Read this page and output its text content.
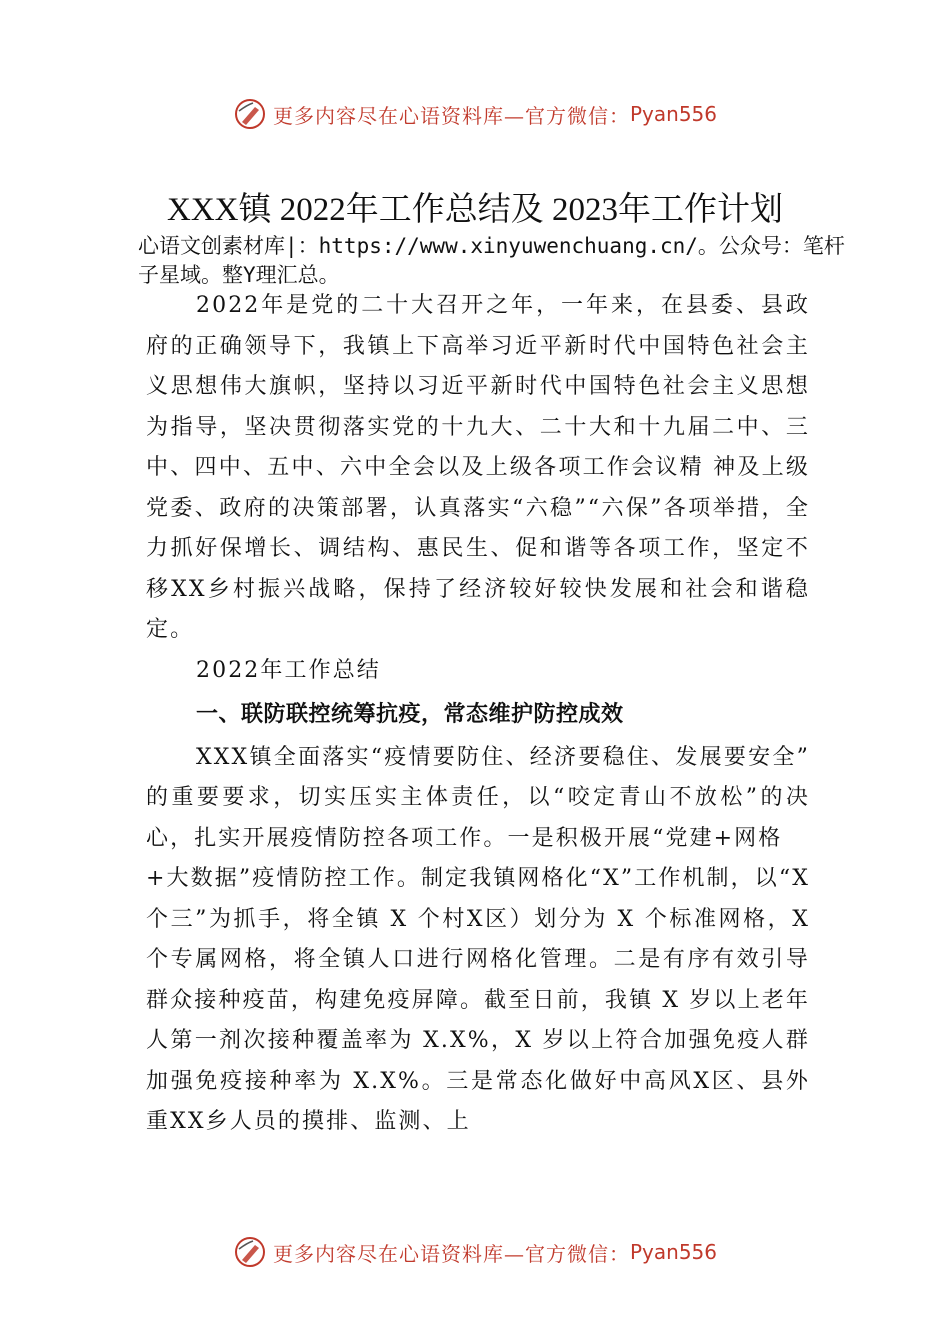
更多内容尽在心语资料库—官方微信： Pyan556
XXX镇 2022年工作总结及 2023年工作计划

心语文创素材库|：https://www.xinyuwenchuang.cn/。公众号：笔杆子星域。整Y理汇总。

2022年是党的二十大召开之年，一年来，在县委、县政府的正确领导下，我镇上下高举习近平新时代中国特色社会主义思想伟大旗帜，坚持以习近平新时代中国特色社会主义思想为指导，坚决贯彻落实党的十九大、二十大和十九届二中、三中、四中、五中、六中全会以及上级各项工作会议精 神及上级党委、政府的决策部署，认真落实“六稳”“六保”各项举措，全力抓好保增长、调结构、惠民生、促和谐等各项工作，坚定不移XX乡村振兴战略，保持了经济较好较快发展和社会和谐稳定。

2022年工作总结

一、联防联控统筹抗疫，常态维护防控成效

XXX镇全面落实“疫情要防住、经济要稳住、发展要安全” 的重要要求，切实压实主体责任，以“咬定青山不放松”的决心，扎实开展疫情防控各项工作。一是积极开展“党建+网格

+大数据”疫情防控工作。制定我镇网格化“X”工作机制，以“X 个三”为抓手，将全镇 X 个村X区）划分为 X 个标准网格，X 个专属网格，将全镇人口进行网格化管理。二是有序有效引导群众接种疫苗，构建免疫屏障。截至日前，我镇 X 岁以上老年人第一剂次接种覆盖率为 X.X%，X 岁以上符合加强免疫人群加强免疫接种率为 X.X%。三是常态化做好中高风X区、县外重XX乡人员的摸排、监测、上

更多内容尽在心语资料库—官方微信： Pyan556
